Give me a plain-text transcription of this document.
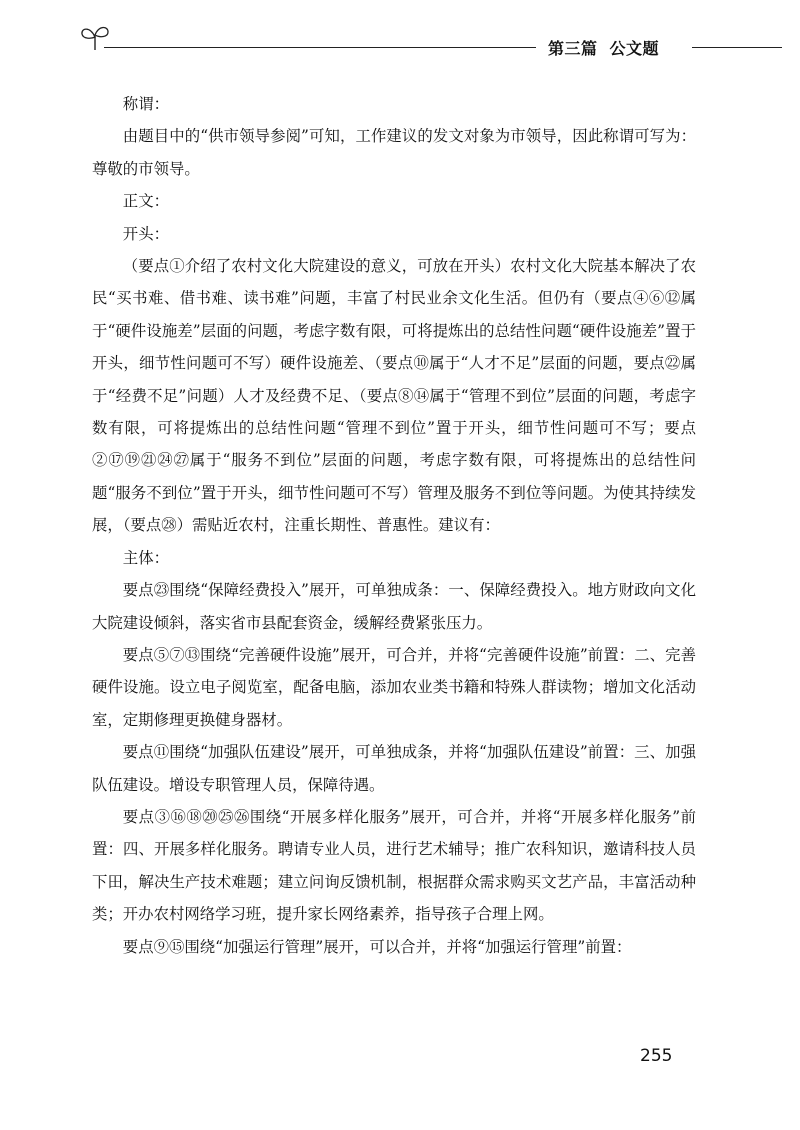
第三篇 公文题

称谓：

由题目中的“供市领导参阅”可知，工作建议的发文对象为市领导，因此称谓可写为：尊敬的市领导。

正文：

开头：

（要点①介绍了农村文化大院建设的意义，可放在开头）农村文化大院基本解决了农民“买书难、借书难、读书难”问题，丰富了村民业余文化生活。但仍有（要点④⑥⑫属于“硬件设施差”层面的问题，考虑字数有限，可将提炼出的总结性问题“硬件设施差”置于开头，细节性问题可不写）硬件设施差、（要点⑩属于“人才不足”层面的问题，要点㉒属于“经费不足”问题）人才及经费不足、（要点⑧⑭属于“管理不到位”层面的问题，考虑字数有限，可将提炼出的总结性问题“管理不到位”置于开头，细节性问题可不写；要点②⑰⑲㉑㉔㉗属于“服务不到位”层面的问题，考虑字数有限，可将提炼出的总结性问题“服务不到位”置于开头，细节性问题可不写）管理及服务不到位等问题。为使其持续发展，（要点㉘）需贴近农村，注重长期性、普惠性。建议有：

主体：

要点㉓围绕“保障经费投入”展开，可单独成条：一、保障经费投入。地方财政向文化大院建设倾斜，落实省市县配套资金，缓解经费紧张压力。

要点⑤⑦⑬围绕“完善硬件设施”展开，可合并，并将“完善硬件设施”前置：二、完善硬件设施。设立电子阅览室，配备电脑，添加农业类书籍和特殊人群读物；增加文化活动室，定期修理更换健身器材。

要点⑪围绕“加强队伍建设”展开，可单独成条，并将“加强队伍建设”前置：三、加强队伍建设。增设专职管理人员，保障待遇。

要点③⑯⑱⑳㉕㉖围绕“开展多样化服务”展开，可合并，并将“开展多样化服务”前置：四、开展多样化服务。聘请专业人员，进行艺术辅导；推广农科知识，邀请科技人员下田，解决生产技术难题；建立问询反馈机制，根据群众需求购买文艺产品，丰富活动种类；开办农村网络学习班，提升家长网络素养，指导孩子合理上网。

要点⑨⑮围绕“加强运行管理”展开，可以合并，并将“加强运行管理”前置：

255
